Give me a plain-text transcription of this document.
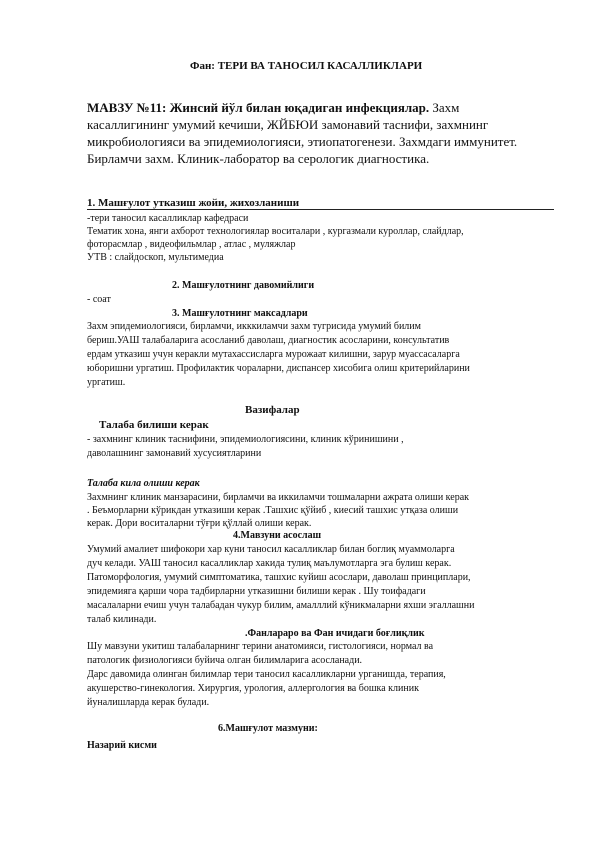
Фан: ТЕРИ ВА ТАНОСИЛ КАСАЛЛИКЛАРИ
МАВЗУ №11: Жинсий йўл билан юқадиган инфекциялар. Захм
касаллигининг умумий кечиши, ЖЙБЮИ замонавий таснифи, захмнинг
микробиологияси ва эпидемиологияси, этиопатогенези. Захмдаги иммунитет.
Бирламчи захм. Клиник-лаборатор ва серологик диагностика.
1. Машғулот утказиш жойи, жихозланиши
-тери таносил касалликлар кафедраси
Тематик хона, янги ахборот технологиялар воситалари , кургазмали куроллар, слайдлар,
фоторасмлар , видеофильмлар , атлас , муляжлар
УТВ : слайдоскоп, мультимедиа
2. Машғулотнинг давомийлиги
- соат
3. Машғулотнинг максадлари
Захм эпидемиологияси, бирламчи, икккиламчи захм тугрисида умумий билим
бериш.УАШ талабаларига асосланиб даволаш, диагностик асосларини, консультатив
ердам утказиш учун керакли мутахассисларга мурожаат килишни, зарур муассасаларга
юборишни ургатиш. Профилактик чораларни, диспансер хисобига олиш критерийларини
ургатиш.
Вазифалар
Талаба билиши керак
- захмнинг клиник таснифини, эпидемиологиясини, клиник кўринишини ,
даволашнинг замонавий хусусиятларини
Талаба кила олиши керак
Захмнинг клиник манзарасини, бирламчи ва иккиламчи тошмаларни ажрата олиши керак
. Беъморларни кўрикдан утказиши керак .Ташхис қўйиб , киесий ташхис утқаза олиши
керак. Дори воситаларни тўғри қўллай олиши керак.
4.Мавзуни асослаш
Умумий амалиет шифокори хар куни таносил касалликлар билан боглиқ муаммоларга
дуч келади. УАШ таносил касалликлар хакида тулиқ маълумотларга эга булиш керак.
Патоморфология, умумий симптоматика, ташхис куйиш асослари, даволаш принциплари,
эпидемияга қарши чора тадбирларни утказишни билиши керак . Шу тоифадаги
масалаларни ечиш учун талабадан чукур билим, амалллий кўникмаларни яхши эгаллашни
талаб килинади.
.Фанлараро ва Фан ичидаги боғлиқлик
Шу мавзуни укитиш талабаларнинг терини анатомияси, гистологияси, нормал ва
патологик физиологияси буйича олган билимларига асосланади.
Дарс давомида олинган билимлар тери таносил касалликларни урганишда, терапия,
акушерство-гинекология. Хирургия, урология, аллергология ва бошка клиник
йуналишларда керак булади.
6.Машғулот мазмуни:
Назарий кисми
